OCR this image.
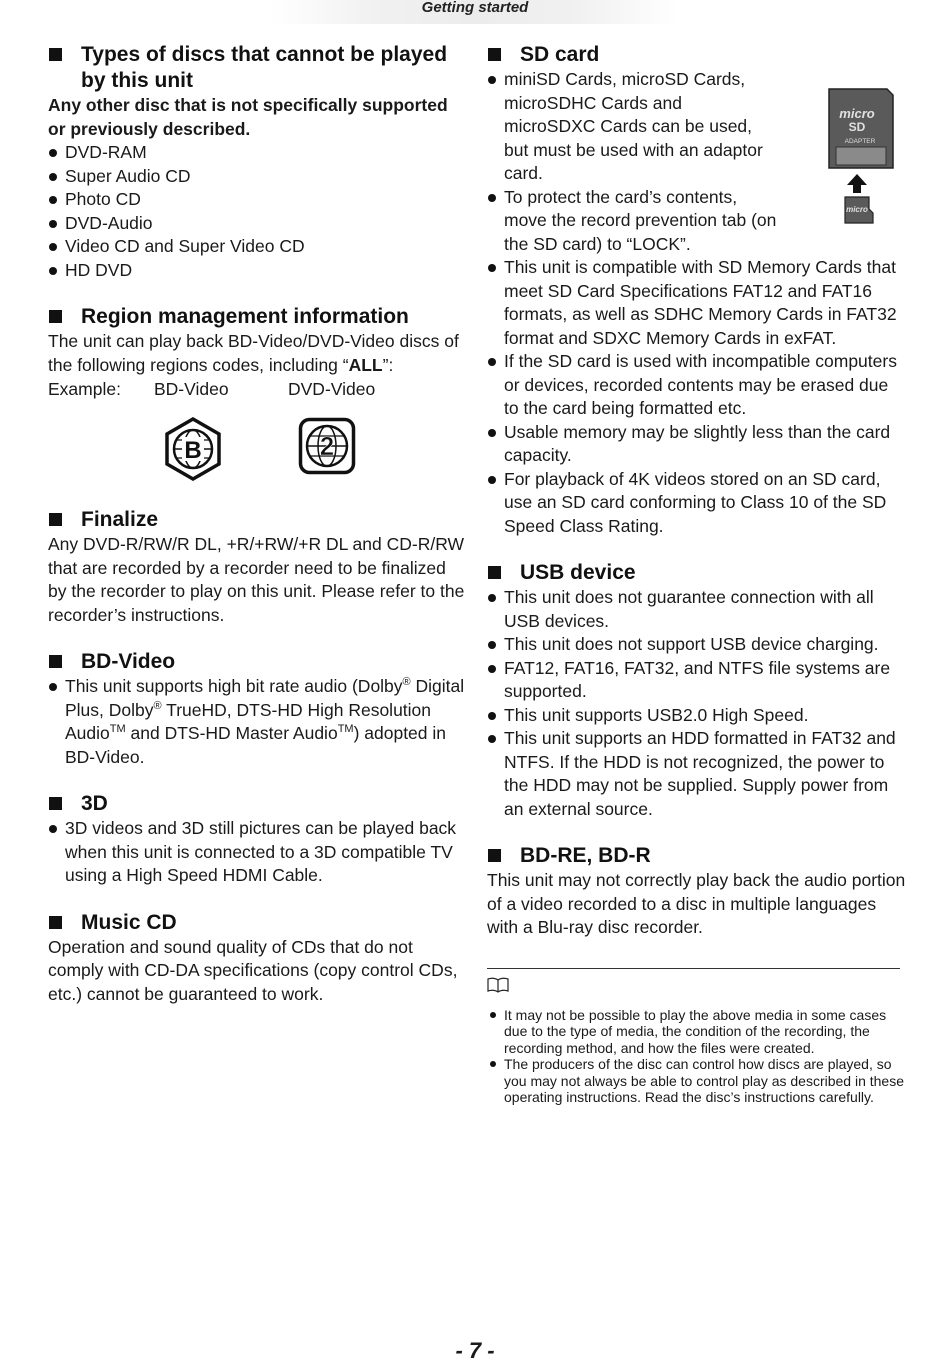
Getting started
Types of discs that cannot be played
by this unit

Any other disc that is not specifically supported or previously described.

DVD-RAM
Super Audio CD
Photo CD
DVD-Audio
Video CD and Super Video CD
HD DVD
Region management information

The unit can play back BD-Video/DVD-Video discs of the following regions codes, including “ALL”:

Example: BD-Video	DVD-Video
B	2
Finalize

Any DVD-R/RW/R DL, +R/+RW/+R DL and CD-R/RW that are recorded by a recorder need to be finalized by the recorder to play on this unit. Please refer to the recorder’s instructions.

BD-Video
This unit supports high bit rate audio (Dolby® Digital Plus, Dolby® TrueHD, DTS-HD High Resolution Audio™ and DTS-HD Master Audio™) adopted in BD-Video.
3D
3D videos and 3D still pictures can be played back when this unit is connected to a 3D compatible TV using a High Speed HDMI Cable.
Music CD

Operation and sound quality of CDs that do not comply with CD-DA specifications (copy control CDs, etc.) cannot be guaranteed to work.

micro
SD
ADAPTER
micro
SD card
miniSD Cards, microSD Cards,
microSDHC Cards and
microSDXC Cards can be used,
but must be used with an adaptor
card.
To protect the card’s contents,
move the record prevention tab (on
the SD card) to “LOCK”.
This unit is compatible with SD Memory Cards that meet SD Card Specifications FAT12 and FAT16 formats, as well as SDHC Memory Cards in FAT32 format and SDXC Memory Cards in exFAT.
If the SD card is used with incompatible computers or devices, recorded contents may be erased due to the card being formatted etc.
Usable memory may be slightly less than the card capacity.
For playback of 4K videos stored on an SD card, use an SD card conforming to Class 10 of the SD Speed Class Rating.
USB device
This unit does not guarantee connection with all USB devices.
This unit does not support USB device charging.
FAT12, FAT16, FAT32, and NTFS file systems are supported.
This unit supports USB2.0 High Speed.
This unit supports an HDD formatted in FAT32 and NTFS. If the HDD is not recognized, the power to the HDD may not be supplied. Supply power from an external source.
BD-RE, BD-R

This unit may not correctly play back the audio portion of a video recorded to a disc in multiple languages with a Blu-ray disc recorder.

It may not be possible to play the above media in some cases due to the type of media, the condition of the recording, the recording method, and how the files were created.
The producers of the disc can control how discs are played, so you may not always be able to control play as described in these operating instructions. Read the disc’s instructions carefully.
- 7 -
